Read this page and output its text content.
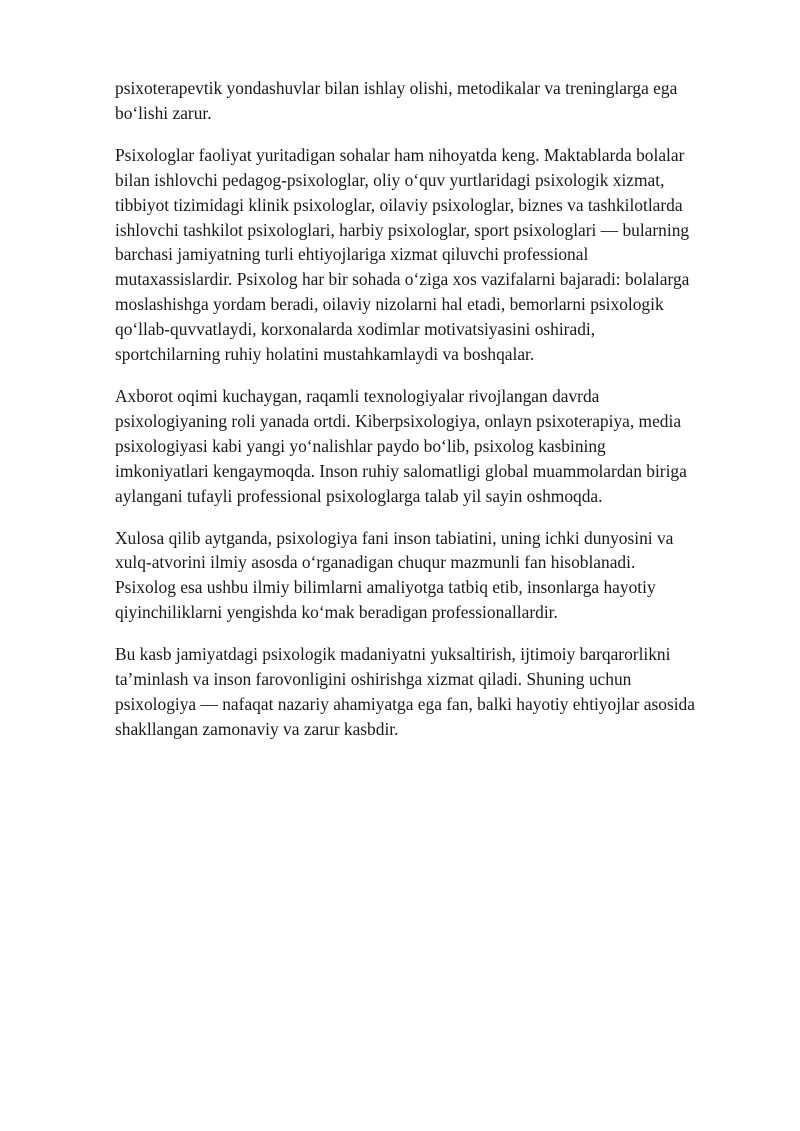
psixoterapevtik yondashuvlar bilan ishlay olishi, metodikalar va treninglarga ega
bo‘lishi zarur.

Psixologlar faoliyat yuritadigan sohalar ham nihoyatda keng. Maktablarda bolalar
bilan ishlovchi pedagog-psixologlar, oliy o‘quv yurtlaridagi psixologik xizmat,
tibbiyot tizimidagi klinik psixologlar, oilaviy psixologlar, biznes va tashkilotlarda
ishlovchi tashkilot psixologlari, harbiy psixologlar, sport psixologlari — bularning
barchasi jamiyatning turli ehtiyojlariga xizmat qiluvchi professional
mutaxassislardir. Psixolog har bir sohada o‘ziga xos vazifalarni bajaradi: bolalarga
moslashishga yordam beradi, oilaviy nizolarni hal etadi, bemorlarni psixologik
qo‘llab-quvvatlaydi, korxonalarda xodimlar motivatsiyasini oshiradi,
sportchilarning ruhiy holatini mustahkamlaydi va boshqalar.

Axborot oqimi kuchaygan, raqamli texnologiyalar rivojlangan davrda
psixologiyaning roli yanada ortdi. Kiberpsixologiya, onlayn psixoterapiya, media
psixologiyasi kabi yangi yo‘nalishlar paydo bo‘lib, psixolog kasbining
imkoniyatlari kengaymoqda. Inson ruhiy salomatligi global muammolardan biriga
aylangani tufayli professional psixologlarga talab yil sayin oshmoqda.

Xulosa qilib aytganda, psixologiya fani inson tabiatini, uning ichki dunyosini va
xulq-atvorini ilmiy asosda o‘rganadigan chuqur mazmunli fan hisoblanadi.
Psixolog esa ushbu ilmiy bilimlarni amaliyotga tatbiq etib, insonlarga hayotiy
qiyinchiliklarni yengishda ko‘mak beradigan professionallardir.

Bu kasb jamiyatdagi psixologik madaniyatni yuksaltirish, ijtimoiy barqarorlikni
ta’minlash va inson farovonligini oshirishga xizmat qiladi. Shuning uchun
psixologiya — nafaqat nazariy ahamiyatga ega fan, balki hayotiy ehtiyojlar asosida
shakllangan zamonaviy va zarur kasbdir.
